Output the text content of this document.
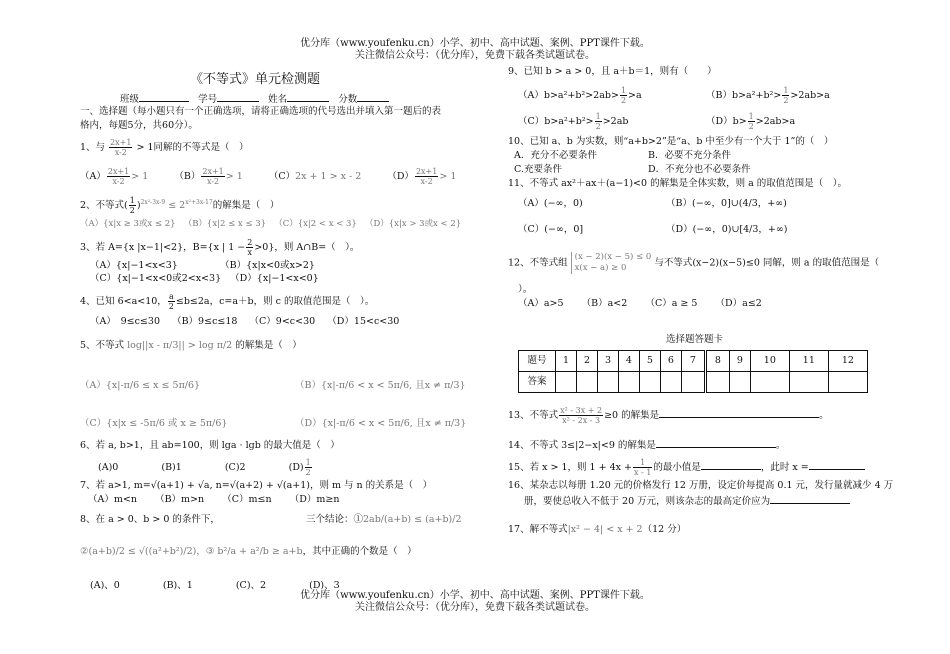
优分库（www.youfenku.cn）小学、初中、高中试题、案例、PPT课件下载。
关注微信公众号：（优分库），免费下载各类试题试卷。
《不等式》单元检测题
班级	学号	姓名	分数
一、选择题（每小题只有一个正确选项，请将正确选项的代号选出并填入第一题后的表
格内，每题5分，共60分）。
1、与 $\frac{2x+1}{x-2} > 1$同解的不等式是（　）
$(A) \frac{2x+1}{x-2} > 1$	$(B) \frac{2x+1}{x-2} > 1$	（C）2x + 1 > x - 2	$(D) \frac{2x+1}{x-2} > 1$
2、不等式( $\frac{1}{2} )^{2x^2-3x-9} \le 2^{x^2+3x-17}$的解集是（　）
（A）{x|x ≥ 3或x ≤ 2} （B）{x|2 ≤ x ≤ 3} （C）{x|2 < x < 3} （D）{x|x > 3或x < 2}
3、若 A={x |x−1|<2}，B={x | $1 - \frac{2}{x} >0$}，则 A∩B=（　）。
（A）{x|−1<x<3}	（B）{x|x<0或x>2}
（C）{x|−1<x<0或2<x<3} （D）{x|−1<x<0}
4、已知 6<a<10， $\frac{a}{2} \le b\le 2a$，c=a＋b，则 c 的取值范围是（　）。
（A）　9≤c≤30 （B）9≤c≤18 （C）9<c<30 （D）15<c<30
5、不等式 log||x - π/3|| > log π/2 的解集是（　）
（A）{x|-π/6 ≤ x ≤ 5π/6}	（B）{x|-π/6 < x < 5π/6, 且x ≠ π/3}
（C）{x|x ≤ -5π/6 或 x ≥ 5π/6}	（D）{x|-π/6 < x < 5π/6, 且x ≠ π/3}
6、若 a, b>1，且 ab=100，则 lga · lgb 的最大值是（　）
(A)0	(B)1	(C)2	$(D) \frac{1}{2}$
7、若 a>1, m=√(a+1) + √a, n=√(a+2) + √(a+1)，则 m 与 n 的关系是（　）
（A）m<n （B）m>n （C）m≤n （D）m≥n
8、在 a > 0、b > 0 的条件下，	三个结论：①2ab/(a+b) ≤ (a+b)/2
②(a+b)/2 ≤ √((a²+b²)/2)，③ b²/a + a²/b ≥ a+b，其中正确的个数是（　）
(A)、0	(B)、1	(C)、2	(D)、3
9、已知 b > a > 0，且 a＋b＝1，则有（　　）
$(A)b>a^2+b^2>2ab> \frac{1}{2} >a$	$(B)b>a^2+b^2> \frac{1}{2} >2ab>a$
$(C)b>a^2+b^2> \frac{1}{2} >2ab$	$(D)b> \frac{1}{2} >2ab>a$
10、已知 a、b 为实数，则“a+b>2”是“a、b 中至少有一个大于 1”的（　）
A．充分不必要条件	B．必要不充分条件
C.充要条件	D．不充分也不必要条件
11、不等式 ax²＋ax＋(a−1)<0 的解集是全体实数，则 a 的取值范围是（　）。
（A）(−∞，0)	（B）(−∞，0]∪(4/3，+∞)
（C）(−∞，0]	（D）(−∞，0)∪[4/3，+∞)
12、不等式组
(x − 2)(x − 5) ≤ 0
x(x − a) ≥ 0	与不等式(x−2)(x−5)≤0 同解，则 a 的取值范围是（
）。
（A）a>5 （B）a<2 （C）a ≥ 5 （D）a≤2
选择题答题卡
题号	1	2	3	4	5	6	7	8	9	10	11	12
答案												
13、不等式 $\frac{\text{x² - 3x + 2}}{\text{x² - 2x - 3}} \ge 0$ 的解集是	。
14、不等式 3≤|2−x|<9 的解集是	。
15、若 x > 1，则 $1 + 4x + \frac{1}{x - 1}$ 的最小值是	，此时 x =
16、某杂志以每册 1.20 元的价格发行 12 万册，设定价每提高 0.1 元，发行量就减少 4 万
册，要使总收入不低于 20 万元，则该杂志的最高定价应为
17、解不等式|x² − 4| < x + 2（12 分）
优分库（www.youfenku.cn）小学、初中、高中试题、案例、PPT课件下载。
关注微信公众号：（优分库），免费下载各类试题试卷。
